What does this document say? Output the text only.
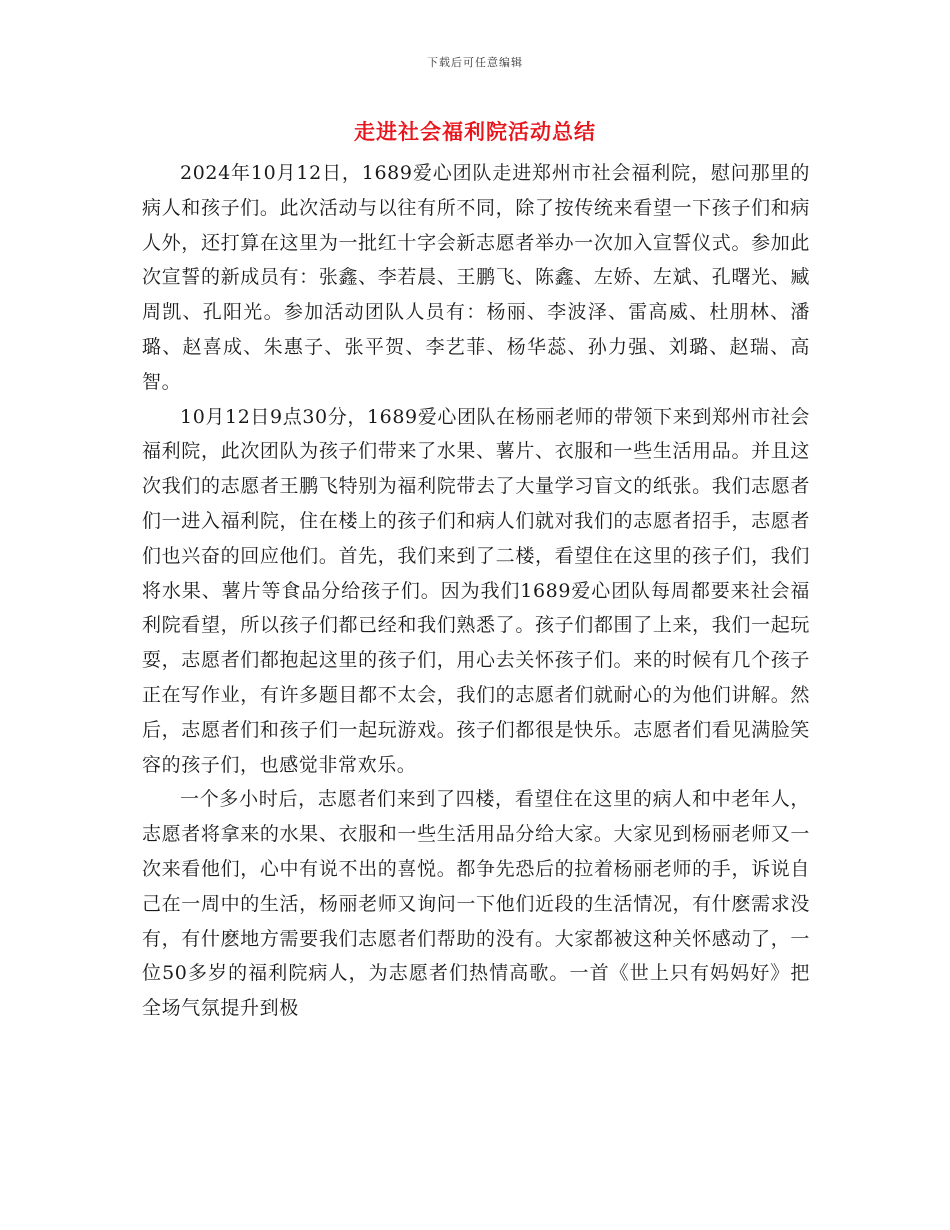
下载后可任意编辑
走进社会福利院活动总结

2024年10月12日，1689爱心团队走进郑州市社会福利院，慰问那里的病人和孩子们。此次活动与以往有所不同，除了按传统来看望一下孩子们和病人外，还打算在这里为一批红十字会新志愿者举办一次加入宣誓仪式。参加此次宣誓的新成员有：张鑫、李若晨、王鹏飞、陈鑫、左娇、左斌、孔曙光、臧周凯、孔阳光。参加活动团队人员有：杨丽、李波泽、雷高威、杜朋林、潘璐、赵喜成、朱惠子、张平贺、李艺菲、杨华蕊、孙力强、刘璐、赵瑞、高智。

10月12日9点30分，1689爱心团队在杨丽老师的带领下来到郑州市社会福利院，此次团队为孩子们带来了水果、薯片、衣服和一些生活用品。并且这次我们的志愿者王鹏飞特别为福利院带去了大量学习盲文的纸张。我们志愿者们一进入福利院，住在楼上的孩子们和病人们就对我们的志愿者招手，志愿者们也兴奋的回应他们。首先，我们来到了二楼，看望住在这里的孩子们，我们将水果、薯片等食品分给孩子们。因为我们1689爱心团队每周都要来社会福利院看望，所以孩子们都已经和我们熟悉了。孩子们都围了上来，我们一起玩耍，志愿者们都抱起这里的孩子们，用心去关怀孩子们。来的时候有几个孩子正在写作业，有许多题目都不太会，我们的志愿者们就耐心的为他们讲解。然后，志愿者们和孩子们一起玩游戏。孩子们都很是快乐。志愿者们看见满脸笑容的孩子们，也感觉非常欢乐。

一个多小时后，志愿者们来到了四楼，看望住在这里的病人和中老年人，志愿者将拿来的水果、衣服和一些生活用品分给大家。大家见到杨丽老师又一次来看他们，心中有说不出的喜悦。都争先恐后的拉着杨丽老师的手，诉说自己在一周中的生活，杨丽老师又询问一下他们近段的生活情况，有什麽需求没有，有什麽地方需要我们志愿者们帮助的没有。大家都被这种关怀感动了，一位50多岁的福利院病人，为志愿者们热情高歌。一首《世上只有妈妈好》把全场气氛提升到极
